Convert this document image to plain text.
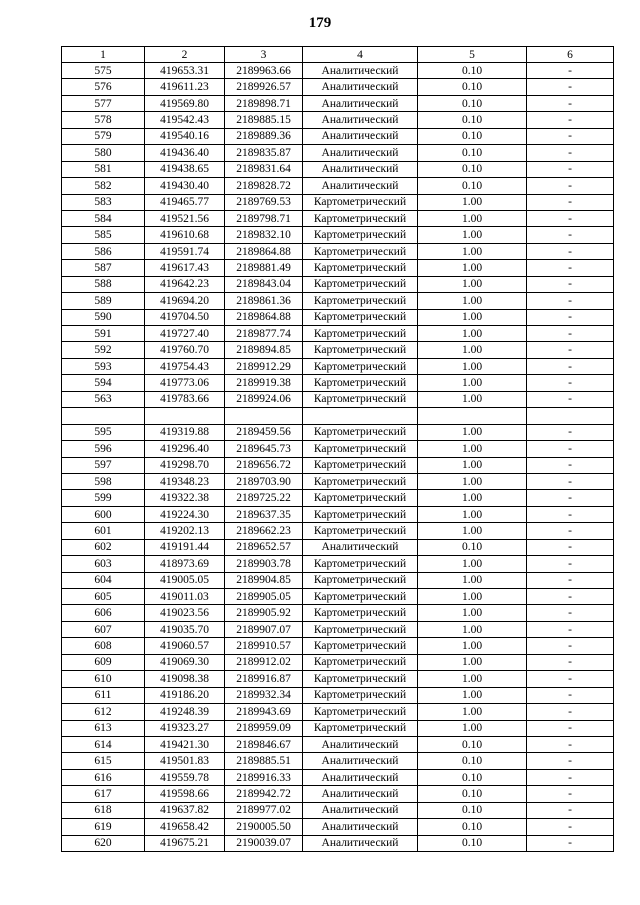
179
1	2	3	4	5	6
575	419653.31	2189963.66	Аналитический	0.10	-
576	419611.23	2189926.57	Аналитический	0.10	-
577	419569.80	2189898.71	Аналитический	0.10	-
578	419542.43	2189885.15	Аналитический	0.10	-
579	419540.16	2189889.36	Аналитический	0.10	-
580	419436.40	2189835.87	Аналитический	0.10	-
581	419438.65	2189831.64	Аналитический	0.10	-
582	419430.40	2189828.72	Аналитический	0.10	-
583	419465.77	2189769.53	Картометрический	1.00	-
584	419521.56	2189798.71	Картометрический	1.00	-
585	419610.68	2189832.10	Картометрический	1.00	-
586	419591.74	2189864.88	Картометрический	1.00	-
587	419617.43	2189881.49	Картометрический	1.00	-
588	419642.23	2189843.04	Картометрический	1.00	-
589	419694.20	2189861.36	Картометрический	1.00	-
590	419704.50	2189864.88	Картометрический	1.00	-
591	419727.40	2189877.74	Картометрический	1.00	-
592	419760.70	2189894.85	Картометрический	1.00	-
593	419754.43	2189912.29	Картометрический	1.00	-
594	419773.06	2189919.38	Картометрический	1.00	-
563	419783.66	2189924.06	Картометрический	1.00	-

595	419319.88	2189459.56	Картометрический	1.00	-
596	419296.40	2189645.73	Картометрический	1.00	-
597	419298.70	2189656.72	Картометрический	1.00	-
598	419348.23	2189703.90	Картометрический	1.00	-
599	419322.38	2189725.22	Картометрический	1.00	-
600	419224.30	2189637.35	Картометрический	1.00	-
601	419202.13	2189662.23	Картометрический	1.00	-
602	419191.44	2189652.57	Аналитический	0.10	-
603	418973.69	2189903.78	Картометрический	1.00	-
604	419005.05	2189904.85	Картометрический	1.00	-
605	419011.03	2189905.05	Картометрический	1.00	-
606	419023.56	2189905.92	Картометрический	1.00	-
607	419035.70	2189907.07	Картометрический	1.00	-
608	419060.57	2189910.57	Картометрический	1.00	-
609	419069.30	2189912.02	Картометрический	1.00	-
610	419098.38	2189916.87	Картометрический	1.00	-
611	419186.20	2189932.34	Картометрический	1.00	-
612	419248.39	2189943.69	Картометрический	1.00	-
613	419323.27	2189959.09	Картометрический	1.00	-
614	419421.30	2189846.67	Аналитический	0.10	-
615	419501.83	2189885.51	Аналитический	0.10	-
616	419559.78	2189916.33	Аналитический	0.10	-
617	419598.66	2189942.72	Аналитический	0.10	-
618	419637.82	2189977.02	Аналитический	0.10	-
619	419658.42	2190005.50	Аналитический	0.10	-
620	419675.21	2190039.07	Аналитический	0.10	-
